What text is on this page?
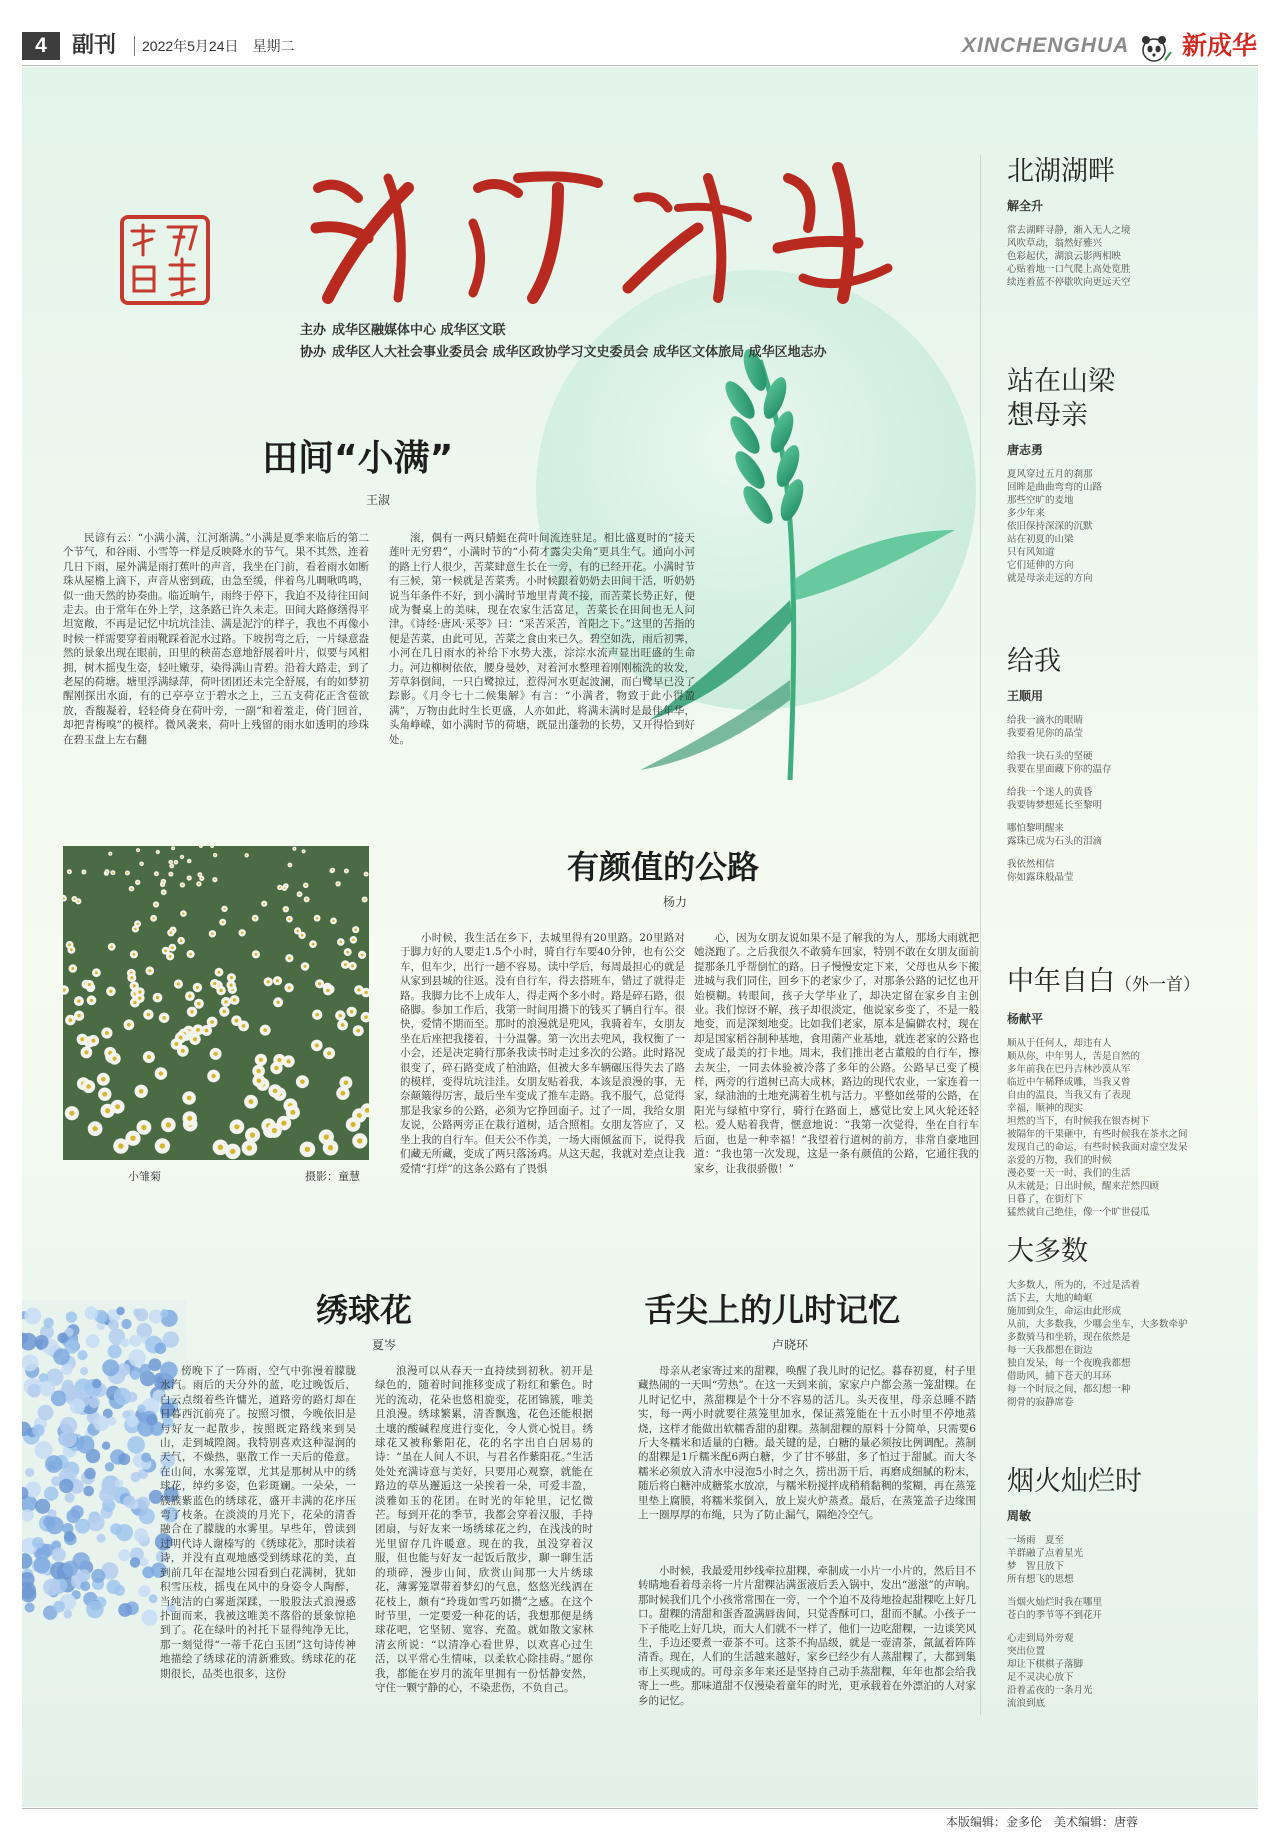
4	副刊 2022年5月24日　星期二	XINCHENGHUA 新成华
主办 成华区融媒体中心 成华区文联
协办 成华区人大社会事业委员会 成华区政协学习文史委员会 成华区文体旅局 成华区地志办
田间“小满”
王淑

民谚有云：“小满小满，江河渐满。”小满是夏季来临后的第二个节气，和谷雨、小雪等一样是反映降水的节气。果不其然，连着几日下雨，屋外满是雨打蕉叶的声音，我坐在门前，看着雨水如断珠从屋檐上滴下，声音从密到疏，由急至缓，伴着鸟儿啁啾鸣鸣，似一曲天然的协奏曲。临近晌午，雨终于停下，我迫不及待往田间走去。由于常年在外上学，这条路已许久未走。田间大路修缮得平坦宽敞，不再是记忆中坑坑洼洼、满是泥泞的样子，我也不再像小时候一样需要穿着雨靴踩着泥水过路。下坡拐弯之后，一片绿意盎然的景象出现在眼前，田里的秧苗态意地舒展着叶片，似要与风相拥，树木摇曳生姿，轻吐嫩芽，染得满山青碧。沿着大路走，到了老屋的荷塘。塘里浮满绿萍，荷叶团团还未完全舒展，有的如梦初醒刚探出水面，有的已亭亭立于碧水之上，三五支荷花正含苞欲放，香馥凝着，轻轻倚身在荷叶旁，一副“和着羞走，倚门回首，却把青梅嗅”的模样。微风袭来，荷叶上残留的雨水如透明的珍珠在碧玉盘上左右翻

滚，偶有一两只蜻蜓在荷叶间流连驻足。相比盛夏时的“接天莲叶无穷碧”，小满时节的“小荷才露尖尖角”更具生气。通向小河的路上行人很少，苦菜肆意生长在一旁，有的已经开花。小满时节有三候，第一候就是苦菜秀。小时候跟着奶奶去田间干活，听奶奶说当年条件不好，到小满时节地里青黄不接，而苦菜长势正好，便成为餐桌上的美味，现在农家生活富足，苦菜长在田间也无人问津。《诗经·唐风·采苓》曰：“采苦采苦，首阳之下。”这里的苦指的便是苦菜，由此可见，苦菜之食由来已久。碧空如洗，雨后初霁，小河在几日雨水的补给下水势大涨，淙淙水流声显出旺盛的生命力。河边柳树依依，腰身曼妙，对着河水整理着刚刚梳洗的妆发，芳草斜倒间，一只白鹭掠过，惹得河水更起波澜，而白鹭早已没了踪影。《月令七十二候集解》有言：“小满者，物致于此小得盈满”，万物由此时生长更盛，人亦如此，将满未满时是最佳年华，头角峥嵘，如小满时节的荷塘，既显出蓬勃的长势，又开得恰到好处。

小雏菊	摄影：童慧
有颜值的公路
杨力

小时候，我生活在乡下，去城里得有20里路。20里路对于脚力好的人要走1.5个小时，骑自行车要40分钟，也有公交车，但车少，出行一趟不容易。读中学后，每周最担心的就是从家到县城的往返。没有自行车，得去搭班车，错过了就得走路。我脚力比不上成年人，得走两个多小时。路是碎石路，很硌脚。参加工作后，我第一时间用攒下的钱买了辆自行车。很快，爱情不期而至。那时的浪漫就是兜风，我骑着车，女朋友坐在后座把我搂着，十分温馨。第一次出去兜风，我权衡了一小会，还是决定骑行那条我读书时走过多次的公路。此时路况很变了，碎石路变成了柏油路，但被大多车辆碾压得失去了路的模样，变得坑坑洼洼。女朋友贴着我，本该是浪漫的事，无奈颠簸得厉害，最后坐车变成了推车走路。我不服气，总觉得那是我家乡的公路，必须为它挣回面子。过了一周，我给女朋友说，公路两旁正在栽行道树，适合照相。女朋友答应了，又坐上我的自行车。但天公不作美，一场大雨倾盆而下，说得我们藏无所藏，变成了两只落汤鸡。从这天起，我就对差点让我爱情“打烊”的这条公路有了畏惧

心，因为女朋友说如果不是了解我的为人，那场大雨就把她浇跑了。之后我很久不敢骑车回家，特别不敢在女朋友面前提那条几乎帮倒忙的路。日子慢慢安定下来，父母也从乡下搬进城与我们同住，回乡下的老家少了，对那条公路的记忆也开始模糊。转眼间，孩子大学毕业了，却决定留在家乡自主创业。我们惊讶不解，孩子却很淡定，他说家乡变了，不是一般地变，而是深刻地变。比如我们老家，原本是偏僻农村，现在却是国家稻谷制种基地，食用菌产业基地，就连老家的公路也变成了最美的打卡地。周末，我们推出老古董般的自行车，擦去灰尘，一同去体验被冷落了多年的公路。公路早已变了模样，两旁的行道树已高大成林，路边的现代农业，一家连着一家，绿油油的土地充满着生机与活力。平整如丝带的公路，在阳光与绿植中穿行，骑行在路面上，感觉比安上风火轮还轻松。爱人贴着我背，惬意地说：“我第一次觉得，坐在自行车后面，也是一种幸福！”我望着行道树的前方，非常自豪地回道：“我也第一次发现，这是一条有颜值的公路，它通往我的家乡，让我很骄傲！”

绣球花
夏岑

傍晚下了一阵雨，空气中弥漫着朦胧水汽。雨后的天分外的蓝，吃过晚饭后，白云点缀着些许慵光，道路旁的路灯却在日暮西沉前亮了。按照习惯，今晚依旧是与好友一起散步，按照既定路线来到吴山，走到城隍阁。我特别喜欢这种湿润的天气，不燥热，驱散工作一天后的倦意。在山间，水雾笼罩，尤其是那树从中的绣球花，绰约多姿，色彩斑斓。一朵朵，一簇簇紫蓝色的绣球花，盛开丰满的花序压弯了枝条。在淡淡的月光下，花朵的清香融合在了朦胧的水雾里。早些年，曾读到过明代诗人谢榛写的《绣球花》，那时读着诗，并没有直观地感受到绣球花的美，直到前几年在湿地公园看到白花满树，犹如积雪压枝，摇曳在风中的身姿令人陶醉，当纯洁的白雾逝深蹂，一股股法式浪漫惑扑面而来，我被这唯美不落俗的景象惊艳到了。花在绿叶的衬托下显得纯净无比，那一刻觉得“一蒂千花白玉团”这句诗传神地描绘了绣球花的清新雅致。绣球花的花期很长，品类也很多，这份

浪漫可以从春天一直持续到初秋。初开是绿色的，随着时间推移变成了粉红和紫色。时光的流动，花朵也悠相旋变，花团锦簇，唯美且浪漫。绣球繁累，清香飘逸，花色还能根据土壤的酸碱程度进行变化，令人赏心悦目。绣球花又被称紫阳花，花的名字出自白居易的诗：“虽在人间人不识，与君名作紫阳花。”生活处处充满诗意与美好，只要用心观察，就能在路边的草丛邂逅这一朵挨着一朵，可爱丰盈，淡雅如玉的花团。在时光的年轮里，记忆微芒。每到开花的季节，我都会穿着汉服，手持团扇，与好友来一场绣球花之约，在浅浅的时光里留存几许暖意。现在的我，虽没穿着汉服，但也能与好友一起饭后散步，聊一聊生活的琐碎，漫步山间，欣赏山间那一大片绣球花，薄雾笼罩带着梦幻的气息，悠悠光线洒在花枝上，颇有“玲珑如雪巧如攒”之感。在这个时节里，一定要爱一种花的话，我想那便是绣球花吧，它坚韧、宽容、充盈。就如散文家林清玄所说：“以清净心看世界，以欢喜心过生活，以平常心生情味，以柔软心除挂碍。”愿你我，都能在岁月的流年里拥有一份恬静安然，守住一颗宁静的心，不染悲伤，不负自己。

舌尖上的儿时记忆
卢晓环

母亲从老家寄过来的甜粿，唤醒了我儿时的记忆。暮春初夏，村子里藏热闹的一天叫“劳热”。在这一天到来前，家家户户都会蒸一笼甜粿。在儿时记忆中，蒸甜粿是个十分不容易的活儿。头天夜里，母亲总睡不踏实，每一两小时就要往蒸笼里加水，保证蒸笼能在十五小时里不停地蒸烧，这样才能做出软糯香甜的甜粿。蒸制甜粿的原料十分简单，只需要6斤大冬糯米和适量的白糖。最关键的是，白糖的量必须按比例调配。蒸制的甜粿是1斤糯米配6两白糖，少了甘不够甜，多了怕过于甜腻。而大冬糯米必须放入清水中浸泡5小时之久，捞出沥干后，再磨成细腻的粉末，随后将白糖冲成糖浆水放凉，与糯米粉搅拌成稍稍黏稠的浆糊，再在蒸笼里垫上腐膜，将糯米浆倒入，放上炭火炉蒸煮。最后，在蒸笼盖子边缘围上一圈厚厚的布绳，只为了防止漏气，隔绝冷空气。

小时候，我最爱用纱线牵拉甜粿，牵制成一小片一小片的，然后目不转睛地看着母亲将一片片甜粿沾满蛋液后丢入锅中，发出“滋滋”的声响。那时候我们几个小孩常常围在一旁，一个个迫不及待地捡起甜粿吃上好几口。甜粿的清甜和蛋香盈满唇齿间，只觉香酥可口，甜而不腻。小孩子一下子能吃上好几块，而大人们就不一样了，他们一边吃甜粿，一边谈笑风生，手边还要煮一壶茶不可。这茶不拘品级，就是一壶清茶，氤氲着阵阵清香。现在，人们的生活越来越好，家乡已经少有人蒸甜粿了，大都到集市上买现成的。可母亲多年来还是坚持自己动手蒸甜粿，年年也都会给我寄上一些。那味道甜不仅漫染着童年的时光，更承载着在外漂泊的人对家乡的记忆。

北湖湖畔
解全升
常去湖畔寻静，渐入无人之境
风吹草动，翁然好雅兴
色彩起伏，湖浪云影两相映
心贴着地一口气爬上高处览胜
续连着蓝不停歇吹向更远天空
站在山梁
想母亲
唐志勇
夏风穿过五月的刹那
回眸是曲曲弯弯的山路
那些空旷的麦地
多少年来
依旧保持深深的沉默
站在初夏的山梁
只有风知道
它们延伸的方向
就是母亲走远的方向
给我
王顺用
给我一滴水的眼睛
我要看见你的晶莹
给我一块石头的坚硬
我要在里面藏下你的温存
给我一个迷人的黄昏
我要铸梦想延长至黎明
哪怕黎明醒来
露珠已成为石头的泪滴
我依然相信
你如露珠般晶莹
中年自白（外一首）
杨献平
顺从于任何人，却违有人
顺从你，中年男人，苦是自然的
多年前我在巴丹吉林沙漠从军
临近中午稀释成雕，当我又曾
自由的温良，当我又有了表现
幸福，顺神的现实
坦然的当下，有时候我在银杏树下
被隔年的干果砸中，有些时候我在茶水之间
发现自己的命运，有些时候我面对虚空发呆
亲爱的万物，我们的时候
漫必要一天一时，我们的生活
从未就是；日出时候，醒来茫然四顾
日暮了，在街灯下
猛然就自己绝佳，像一个旷世侵瓜
大多数
大多数人，所为的，不过是活着
活下去，大地的崎岖
施加到众生，命运由此形成
从前，大多数我，少哪会坐车，大多数牵驴
多数骑马和坐轿，现在依然是
每一天我都想在街边
独自发呆，每一个夜晚我都想
借助风，捕下苍天的耳环
每一个时辰之间，都幻想一种
彻骨的寂静席卷
烟火灿烂时
周敏
一场雨　夏至
羊群融了点着星光
梦　智且放下
所有想飞的思想
当烟火灿烂时我在哪里
苍白的季节等不到花开
心走到局外旁观
突出位置
却让下棋棋子落脚
足不灵决心放下
沿着孟夜的一条月光
流浪到底
本版编辑：金多伦　美术编辑：唐蓉
